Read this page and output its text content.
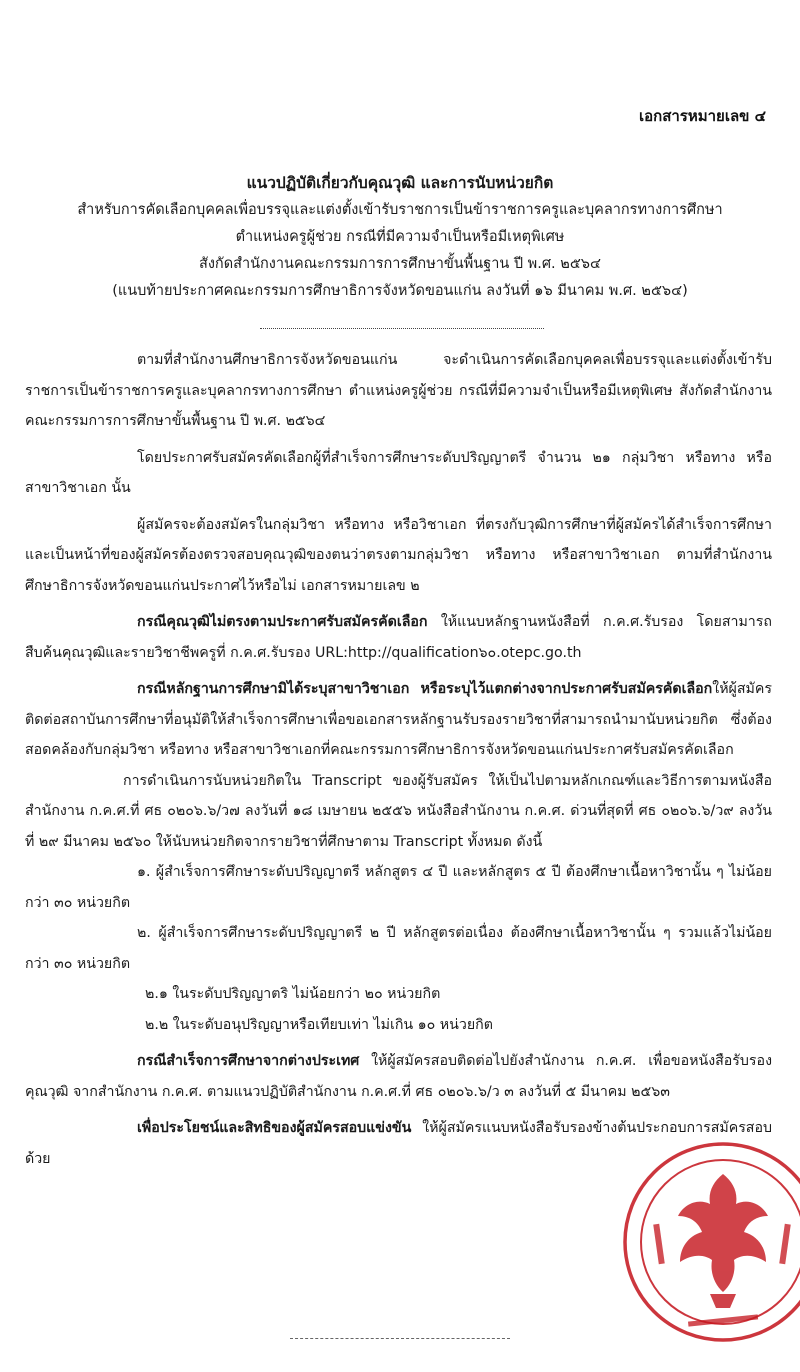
เอกสารหมายเลข ๔
แนวปฏิบัติเกี่ยวกับคุณวุฒิ และการนับหน่วยกิต
สำหรับการคัดเลือกบุคคลเพื่อบรรจุและแต่งตั้งเข้ารับราชการเป็นข้าราชการครูและบุคลากรทางการศึกษา
ตำแหน่งครูผู้ช่วย กรณีที่มีความจำเป็นหรือมีเหตุพิเศษ
สังกัดสำนักงานคณะกรรมการการศึกษาขั้นพื้นฐาน ปี พ.ศ. ๒๕๖๔
(แนบท้ายประกาศคณะกรรมการศึกษาธิการจังหวัดขอนแก่น ลงวันที่ ๑๖ มีนาคม พ.ศ. ๒๕๖๔)

ตามที่สำนักงานศึกษาธิการจังหวัดขอนแก่น จะดำเนินการคัดเลือกบุคคลเพื่อบรรจุและแต่งตั้งเข้ารับราชการเป็นข้าราชการครูและบุคลากรทางการศึกษา ตำแหน่งครูผู้ช่วย กรณีที่มีความจำเป็นหรือมีเหตุพิเศษ สังกัดสำนักงานคณะกรรมการการศึกษาขั้นพื้นฐาน ปี พ.ศ. ๒๕๖๔

โดยประกาศรับสมัครคัดเลือกผู้ที่สำเร็จการศึกษาระดับปริญญาตรี จำนวน ๒๑ กลุ่มวิชา หรือทาง หรือสาขาวิชาเอก นั้น

ผู้สมัครจะต้องสมัครในกลุ่มวิชา หรือทาง หรือวิชาเอก ที่ตรงกับวุฒิการศึกษาที่ผู้สมัครได้สำเร็จการศึกษา และเป็นหน้าที่ของผู้สมัครต้องตรวจสอบคุณวุฒิของตนว่าตรงตามกลุ่มวิชา หรือทาง หรือสาขาวิชาเอก ตามที่สำนักงานศึกษาธิการจังหวัดขอนแก่นประกาศไว้หรือไม่ เอกสารหมายเลข ๒

กรณีคุณวุฒิไม่ตรงตามประกาศรับสมัครคัดเลือก ให้แนบหลักฐานหนังสือที่ ก.ค.ศ.รับรอง โดยสามารถสืบค้นคุณวุฒิและรายวิชาชีพครูที่ ก.ค.ศ.รับรอง URL:http://qualification๖๐.otepc.go.th

กรณีหลักฐานการศึกษามิได้ระบุสาขาวิชาเอก หรือระบุไว้แตกต่างจากประกาศรับสมัครคัดเลือกให้ผู้สมัครติดต่อสถาบันการศึกษาที่อนุมัติให้สำเร็จการศึกษาเพื่อขอเอกสารหลักฐานรับรองรายวิชาที่สามารถนำมานับหน่วยกิต ซึ่งต้องสอดคล้องกับกลุ่มวิชา หรือทาง หรือสาขาวิชาเอกที่คณะกรรมการศึกษาธิการจังหวัดขอนแก่นประกาศรับสมัครคัดเลือก

การดำเนินการนับหน่วยกิตใน Transcript ของผู้รับสมัคร ให้เป็นไปตามหลักเกณฑ์และวิธีการตามหนังสือสำนักงาน ก.ค.ศ.ที่ ศธ ๐๒๐๖.๖/ว๗ ลงวันที่ ๑๘ เมษายน ๒๕๕๖ หนังสือสำนักงาน ก.ค.ศ. ด่วนที่สุดที่ ศธ ๐๒๐๖.๖/ว๙ ลงวันที่ ๒๙ มีนาคม ๒๕๖๐ ให้นับหน่วยกิตจากรายวิชาที่ศึกษาตาม Transcript ทั้งหมด ดังนี้

๑. ผู้สำเร็จการศึกษาระดับปริญญาตรี หลักสูตร ๔ ปี และหลักสูตร ๕ ปี ต้องศึกษาเนื้อหาวิชานั้น ๆ ไม่น้อยกว่า ๓๐ หน่วยกิต

๒. ผู้สำเร็จการศึกษาระดับปริญญาตรี ๒ ปี หลักสูตรต่อเนื่อง ต้องศึกษาเนื้อหาวิชานั้น ๆ รวมแล้วไม่น้อยกว่า ๓๐ หน่วยกิต

๒.๑ ในระดับปริญญาตริ ไม่น้อยกว่า ๒๐ หน่วยกิต

๒.๒ ในระดับอนุปริญญาหรือเทียบเท่า ไม่เกิน ๑๐ หน่วยกิต

กรณีสำเร็จการศึกษาจากต่างประเทศ ให้ผู้สมัครสอบติดต่อไปยังสำนักงาน ก.ค.ศ. เพื่อขอหนังสือรับรองคุณวุฒิ จากสำนักงาน ก.ค.ศ. ตามแนวปฏิบัติสำนักงาน ก.ค.ศ.ที่ ศธ ๐๒๐๖.๖/ว ๓ ลงวันที่ ๕ มีนาคม ๒๕๖๓

เพื่อประโยชน์และสิทธิของผู้สมัครสอบแข่งขัน ให้ผู้สมัครแนบหนังสือรับรองข้างต้นประกอบการสมัครสอบด้วย
